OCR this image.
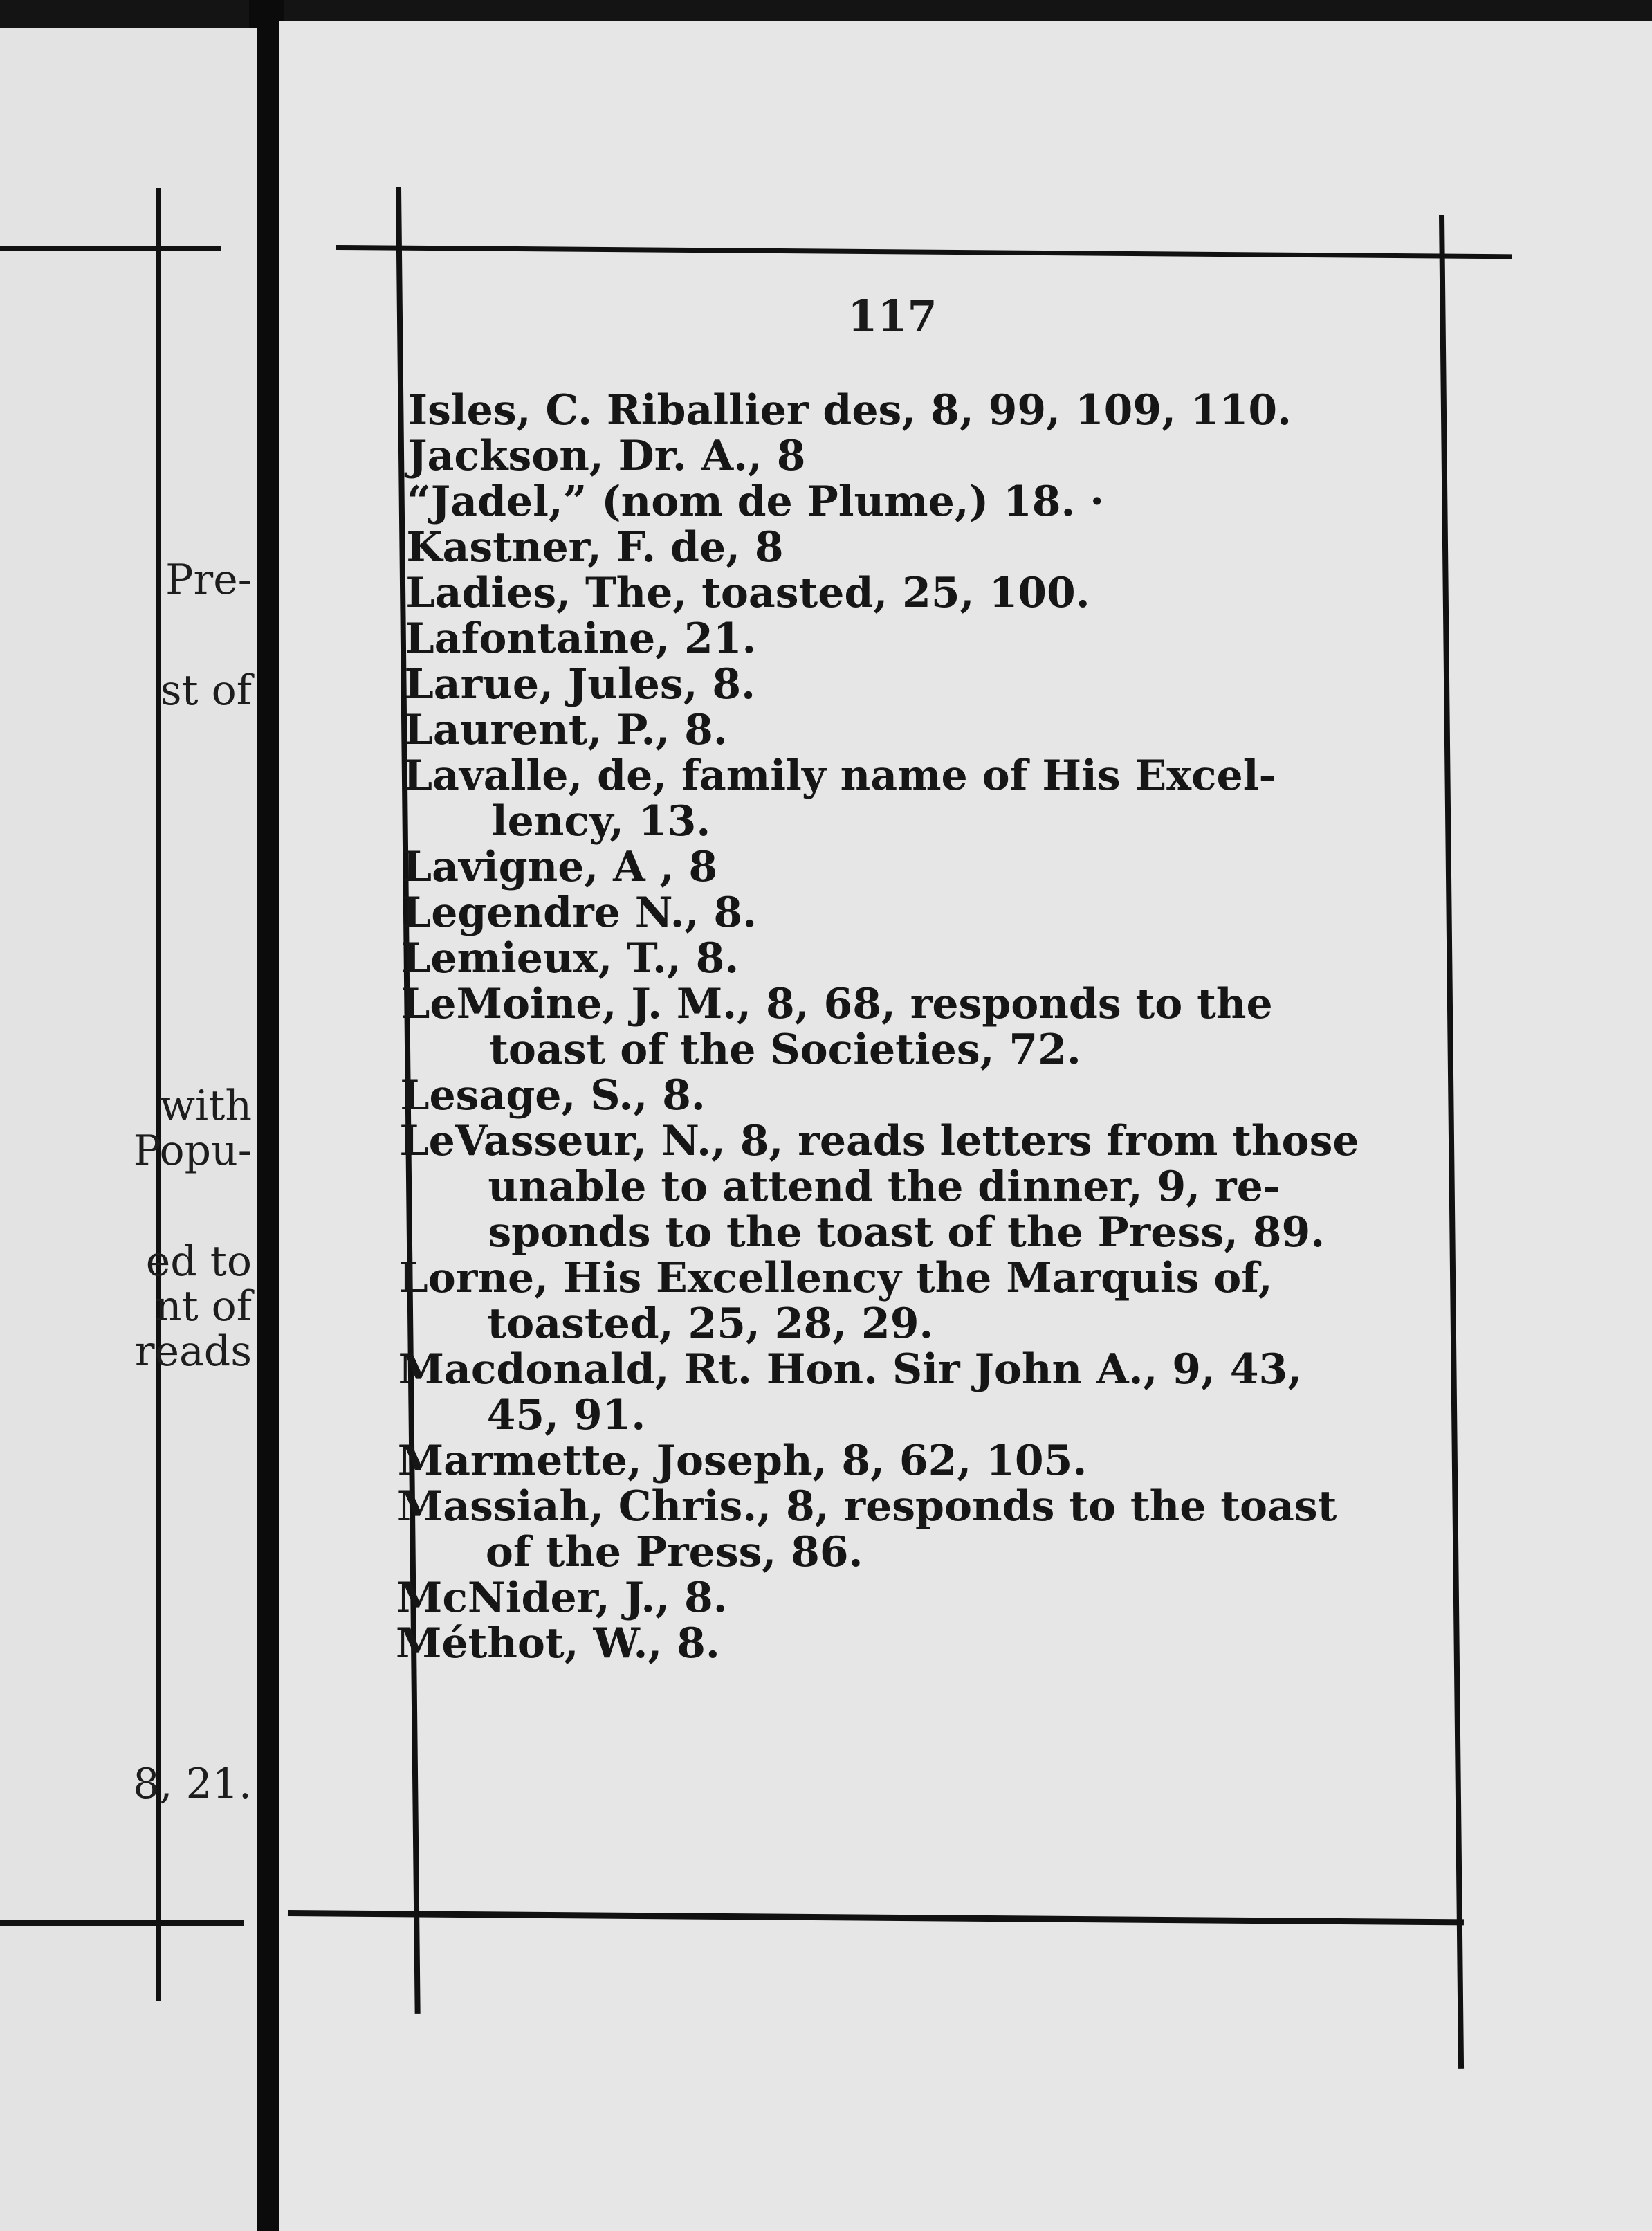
Pre-
st of
with
Popu-
ed to
nt of
reads
8, 21.
117
Isles, C. Riballier des, 8, 99, 109, 110.
Jackson, Dr. A., 8
“Jadel,” (nom de Plume,) 18. ·
Kastner, F. de, 8
Ladies, The, toasted, 25, 100.
Lafontaine, 21.
Larue, Jules, 8.
Laurent, P., 8.
Lavalle, de, family name of His Excel-
lency, 13.
Lavigne, A , 8
Legendre N., 8.
Lemieux, T., 8.
LeMoine, J. M., 8, 68, responds to the
toast of the Societies, 72.
Lesage, S., 8.
LeVasseur, N., 8, reads letters from those
unable to attend the dinner, 9, re-
sponds to the toast of the Press, 89.
Lorne, His Excellency the Marquis of,
toasted, 25, 28, 29.
Macdonald, Rt. Hon. Sir John A., 9, 43,
45, 91.
Marmette, Joseph, 8, 62, 105.
Massiah, Chris., 8, responds to the toast
of the Press, 86.
McNider, J., 8.
Méthot, W., 8.
